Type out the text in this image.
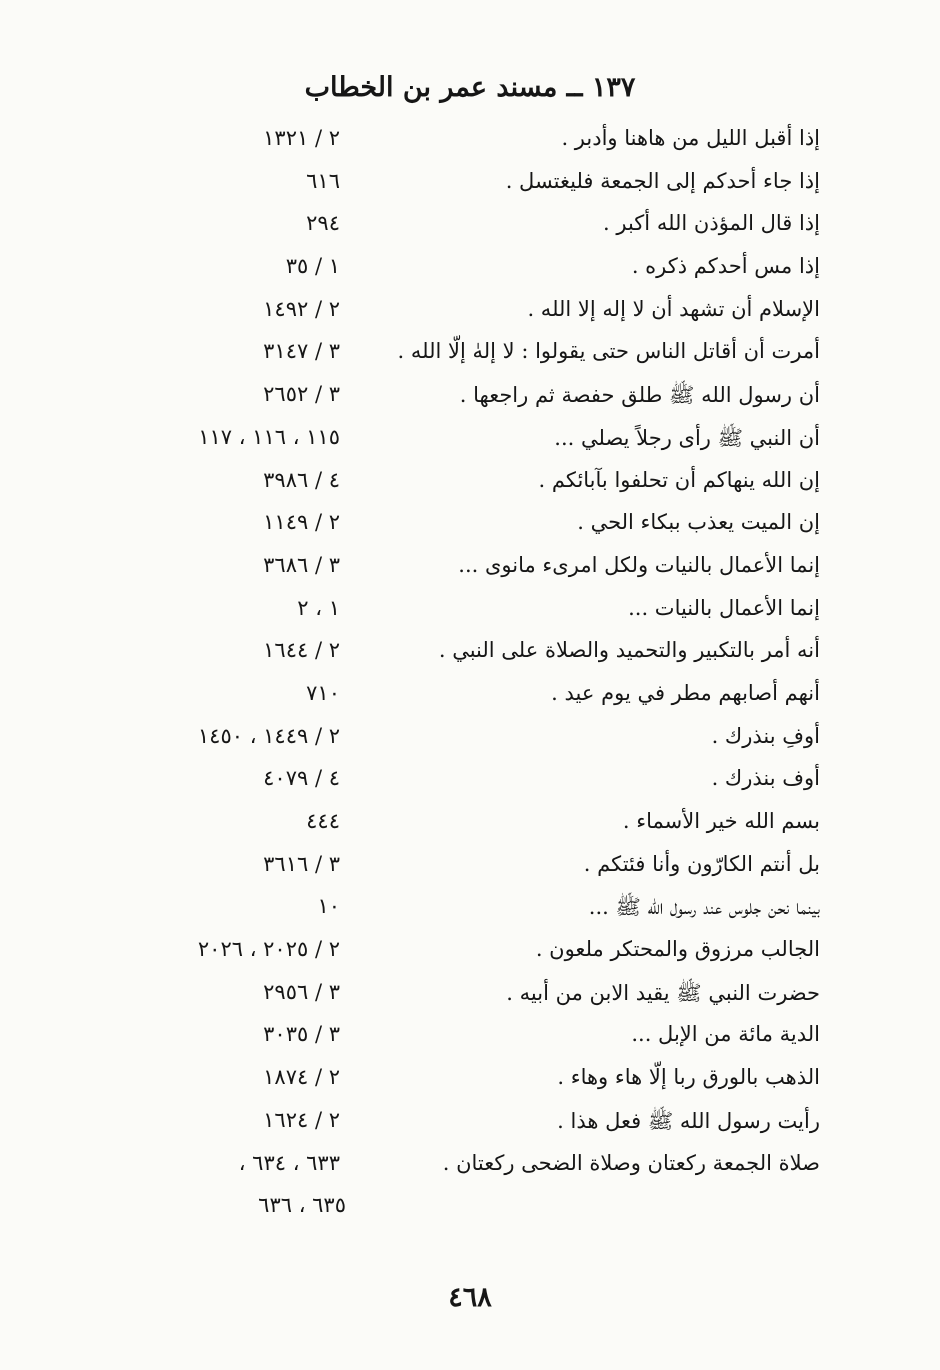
١٣٧ ــ مسند عمر بن الخطاب
إذا أقبل الليل من هاهنا وأدبر .
٢ / ١٣٢١
إذا جاء أحدكم إلى الجمعة فليغتسل .
٦١٦
إذا قال المؤذن الله أكبر .
٢٩٤
إذا مس أحدكم ذكره .
١ / ٣٥
الإسلام أن تشهد أن لا إله إلا الله .
٢ / ١٤٩٢
أمرت أن أقاتل الناس حتى يقولوا : لا إلهٰ إلّا الله .
٣ / ٣١٤٧
أن رسول الله ﷺ طلق حفصة ثم راجعها .
٣ / ٢٦٥٢
أن النبي ﷺ رأى رجلاً يصلي ...
١١٥ ، ١١٦ ، ١١٧
إن الله ينهاكم أن تحلفوا بآبائكم .
٤ / ٣٩٨٦
إن الميت يعذب ببكاء الحي .
٢ / ١١٤٩
إنما الأعمال بالنيات ولكل امرىء مانوى ...
٣ / ٣٦٨٦
إنما الأعمال بالنيات ...
١ ، ٢
أنه أمر بالتكبير والتحميد والصلاة على النبي .
٢ / ١٦٤٤
أنهم أصابهم مطر في يوم عيد .
٧١٠
أوفِ بنذرك .
٢ / ١٤٤٩ ، ١٤٥٠
أوف بنذرك .
٤ / ٤٠٧٩
بسم الله خير الأسماء .
٤٤٤
بل أنتم الكارّون وأنا فئتكم .
٣ / ٣٦١٦
بينما نحن جلوس عند رسول الله ﷺ ...
١٠
الجالب مرزوق والمحتكر ملعون .
٢ / ٢٠٢٥ ، ٢٠٢٦
حضرت النبي ﷺ يقيد الابن من أبيه .
٣ / ٢٩٥٦
الدية مائة من الإبل ...
٣ / ٣٠٣٥
الذهب بالورق ربا إلّا هاء وهاء .
٢ / ١٨٧٤
رأيت رسول الله ﷺ فعل هذا .
٢ / ١٦٢٤
صلاة الجمعة ركعتان وصلاة الضحى ركعتان .
٦٣٣ ، ٦٣٤ ،
٦٣٥ ، ٦٣٦
٤٦٨
